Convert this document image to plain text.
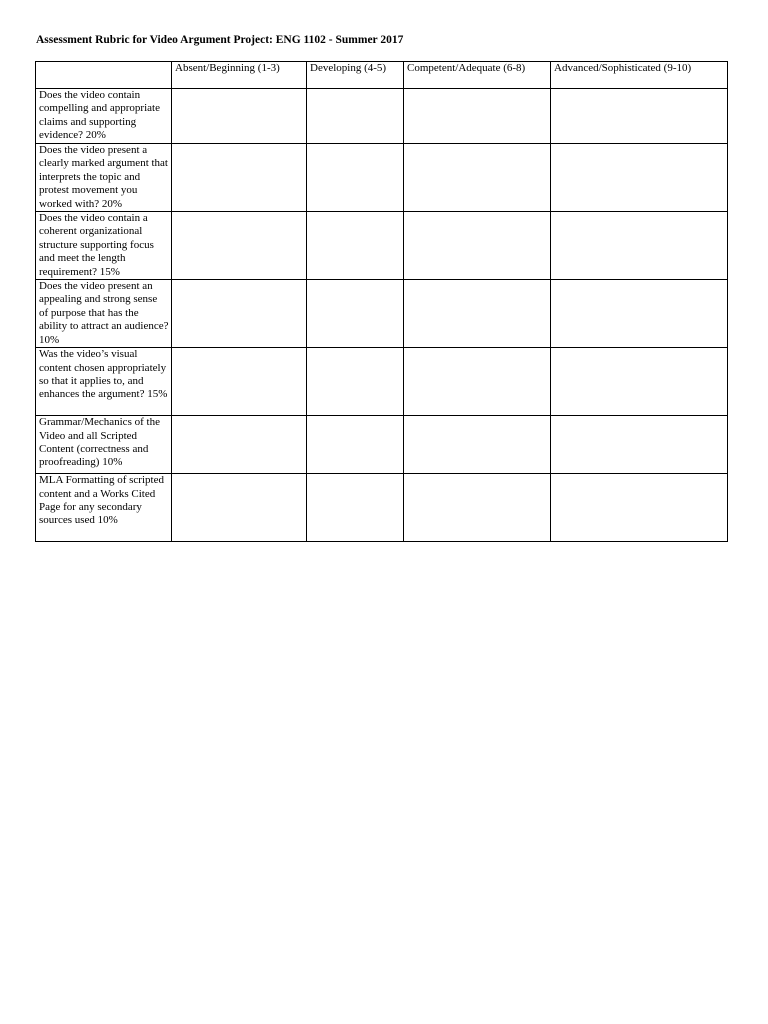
Assessment Rubric for Video Argument Project: ENG 1102 - Summer 2017
	Absent/Beginning (1-3)	Developing (4-5)	Competent/Adequate (6-8)	Advanced/Sophisticated (9-10)
Does the video contain compelling and appropriate claims and supporting evidence? 20%				
Does the video present a clearly marked argument that interprets the topic and protest movement you worked with? 20%				
Does the video contain a coherent organizational structure supporting focus and meet the length requirement? 15%				
Does the video present an appealing and strong sense of purpose that has the ability to attract an audience? 10%				
Was the video’s visual content chosen appropriately so that it applies to, and enhances the argument? 15%				
Grammar/Mechanics of the Video and all Scripted Content (correctness and proofreading) 10%				
MLA Formatting of scripted content and a Works Cited Page for any secondary sources used 10%				
